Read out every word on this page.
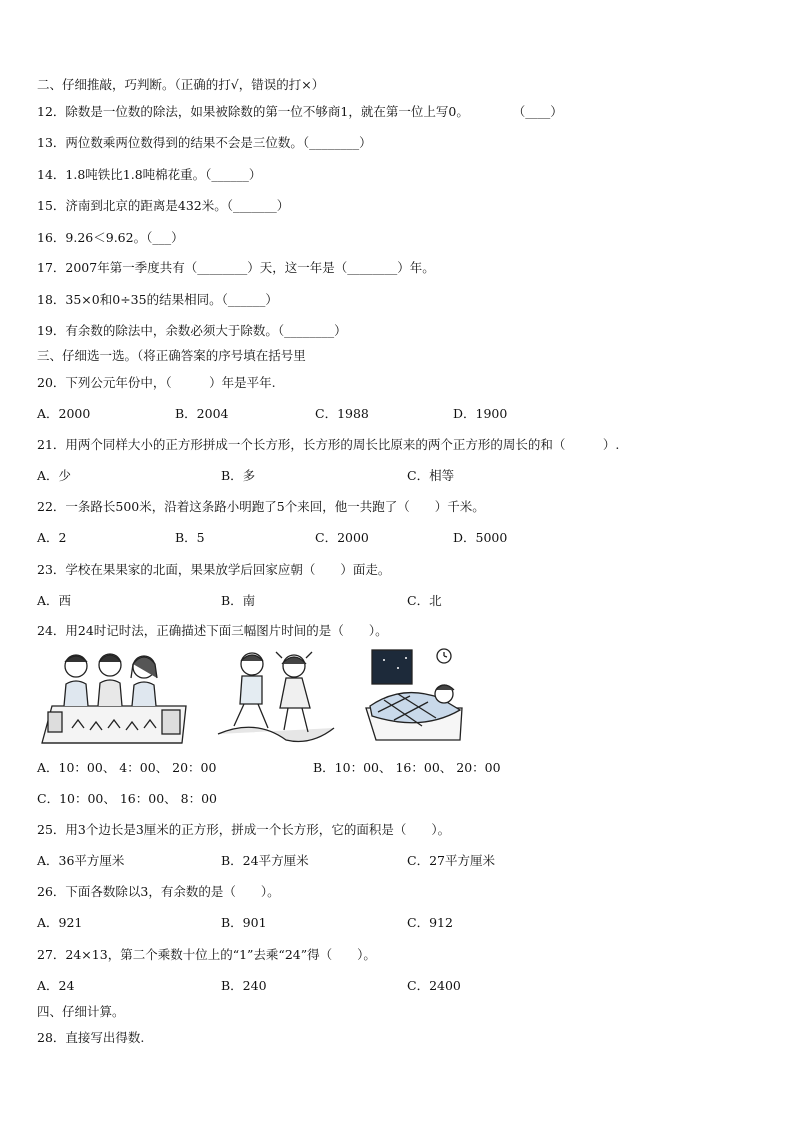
二、仔细推敲，巧判断。（正确的打√，错误的打×）
12．除数是一位数的除法，如果被除数的第一位不够商1，就在第一位上写0。	（____）
13．两位数乘两位数得到的结果不会是三位数。（________）
14．1.8吨铁比1.8吨棉花重。（______）
15．济南到北京的距离是432米。（_______）
16．9.26＜9.62。（___）
17．2007年第一季度共有（________）天，这一年是（________）年。
18．35×0和0÷35的结果相同。（______）
19．有余数的除法中，余数必须大于除数。（________）
三、仔细选一选。（将正确答案的序号填在括号里
20．下列公元年份中，（　　　）年是平年.
A．2000	B．2004	C．1988	D．1900
21．用两个同样大小的正方形拼成一个长方形，长方形的周长比原来的两个正方形的周长的和（　　　）.
A．少	B．多	C．相等
22．一条路长500米，沿着这条路小明跑了5个来回，他一共跑了（　　）千米。
A．2	B．5	C．2000	D．5000
23．学校在果果家的北面，果果放学后回家应朝（　　）面走。
A．西	B．南	C．北
24．用24时记时法，正确描述下面三幅图片时间的是（　　）。
A．10：00、 4：00、 20：00	B．10：00、 16：00、 20：00
C．10：00、 16：00、 8：00
25．用3个边长是3厘米的正方形，拼成一个长方形，它的面积是（　　）。
A．36平方厘米	B．24平方厘米	C．27平方厘米
26．下面各数除以3，有余数的是（　　）。
A．921	B．901	C．912
27．24×13，第二个乘数十位上的“1”去乘“24”得（　　）。
A．24	B．240	C．2400
四、仔细计算。
28．直接写出得数.
